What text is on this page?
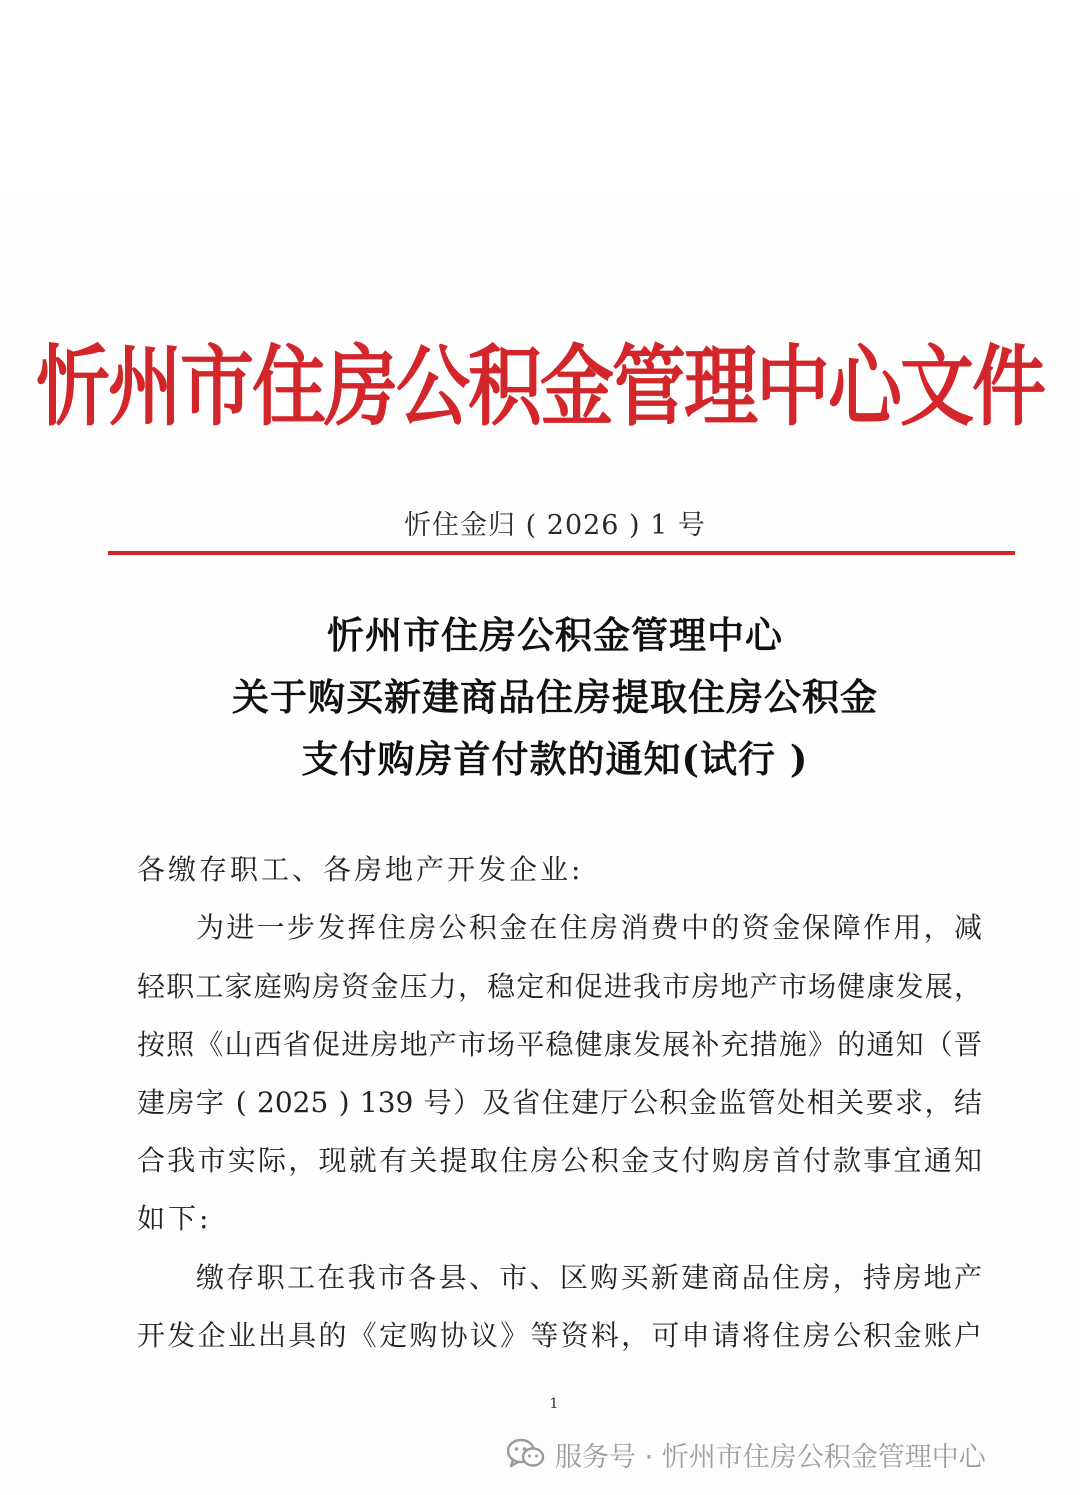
忻州市住房公积金管理中心文件
忻住金归 ( 2026 ) 1 号
忻州市住房公积金管理中心
关于购买新建商品住房提取住房公积金
支付购房首付款的通知(试行 )
各缴存职工、各房地产开发企业:
为进一步发挥住房公积金在住房消费中的资金保障作用，减
轻职工家庭购房资金压力，稳定和促进我市房地产市场健康发展，
按照《山西省促进房地产市场平稳健康发展补充措施》的通知（晋
建房字 ( 2025 ) 139 号）及省住建厅公积金监管处相关要求，结
合我市实际，现就有关提取住房公积金支付购房首付款事宜通知
如下:
缴存职工在我市各县、市、区购买新建商品住房，持房地产
开发企业出具的《定购协议》等资料，可申请将住房公积金账户
1
服务号 · 忻州市住房公积金管理中心
